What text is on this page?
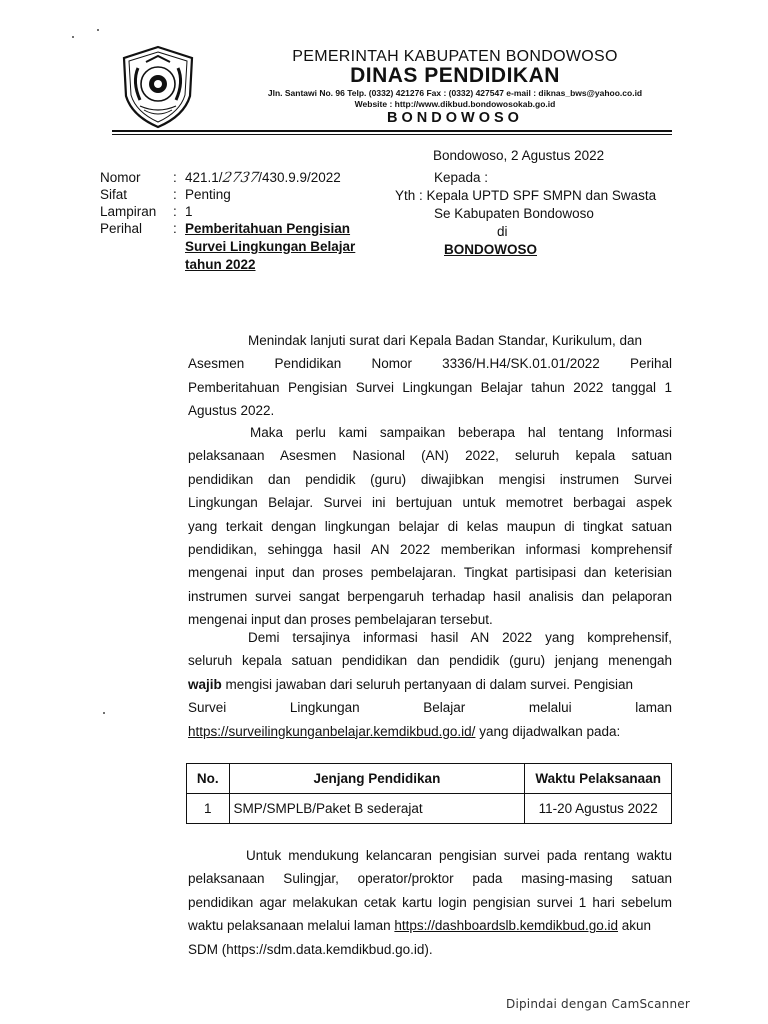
PEMERINTAH KABUPATEN BONDOWOSO
DINAS PENDIDIKAN
Jln. Santawi No. 96 Telp. (0332) 421276 Fax : (0332) 427547 e-mail : diknas_bws@yahoo.co.id
Website : http://www.dikbud.bondowosokab.go.id
BONDOWOSO
Bondowoso, 2 Agustus 2022
Nomor : 421.1/2737/430.9.9/2022
Sifat	: Penting
Lampiran : 1
Perihal : Pemberitahuan Pengisian
Survei Lingkungan Belajar
tahun 2022
Kepada :
Yth : Kepala UPTD SPF SMPN dan Swasta
Se Kabupaten Bondowoso
di
BONDOWOSO
Menindak lanjuti surat dari Kepala Badan Standar, Kurikulum, dan
Asesmen Pendidikan Nomor 3336/H.H4/SK.01.01/2022 Perihal
Pemberitahuan Pengisian Survei Lingkungan Belajar tahun 2022 tanggal 1
Agustus 2022.
Maka perlu kami sampaikan beberapa hal tentang Informasi
pelaksanaan Asesmen Nasional (AN) 2022, seluruh kepala satuan
pendidikan dan pendidik (guru) diwajibkan mengisi instrumen Survei
Lingkungan Belajar. Survei ini bertujuan untuk memotret berbagai aspek
yang terkait dengan lingkungan belajar di kelas maupun di tingkat satuan
pendidikan, sehingga hasil AN 2022 memberikan informasi komprehensif
mengenai input dan proses pembelajaran. Tingkat partisipasi dan keterisian
instrumen survei sangat berpengaruh terhadap hasil analisis dan pelaporan
mengenai input dan proses pembelajaran tersebut.
Demi tersajinya informasi hasil AN 2022 yang komprehensif,
seluruh kepala satuan pendidikan dan pendidik (guru) jenjang menengah
wajib mengisi jawaban dari seluruh pertanyaan di dalam survei. Pengisian
Survei Lingkungan Belajar melalui laman
https://surveilingkunganbelajar.kemdikbud.go.id/ yang dijadwalkan pada:
No.	Jenjang Pendidikan	Waktu Pelaksanaan
1	SMP/SMPLB/Paket B sederajat	11-20 Agustus 2022
Untuk mendukung kelancaran pengisian survei pada rentang waktu
pelaksanaan Sulingjar, operator/proktor pada masing-masing satuan
pendidikan agar melakukan cetak kartu login pengisian survei 1 hari sebelum
waktu pelaksanaan melalui laman https://dashboardslb.kemdikbud.go.id akun
SDM (https://sdm.data.kemdikbud.go.id).
Dipindai dengan CamScanner
